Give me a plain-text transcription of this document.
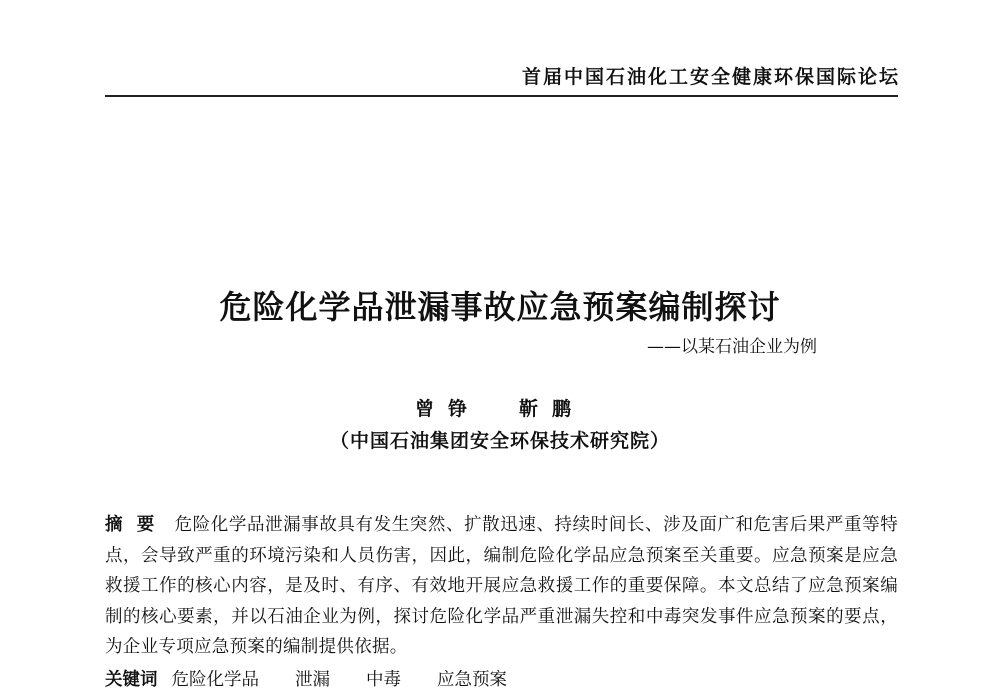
首届中国石油化工安全健康环保国际论坛
危险化学品泄漏事故应急预案编制探讨
——以某石油企业为例
曾铮 靳鹏
（中国石油集团安全环保技术研究院）

摘要 危险化学品泄漏事故具有发生突然、扩散迅速、持续时间长、涉及面广和危害后果严重等特点，会导致严重的环境污染和人员伤害，因此，编制危险化学品应急预案至关重要。应急预案是应急救援工作的核心内容，是及时、有序、有效地开展应急救援工作的重要保障。本文总结了应急预案编制的核心要素，并以石油企业为例，探讨危险化学品严重泄漏失控和中毒突发事件应急预案的要点，为企业专项应急预案的编制提供依据。

关键词 危险化学品 泄漏 中毒 应急预案
